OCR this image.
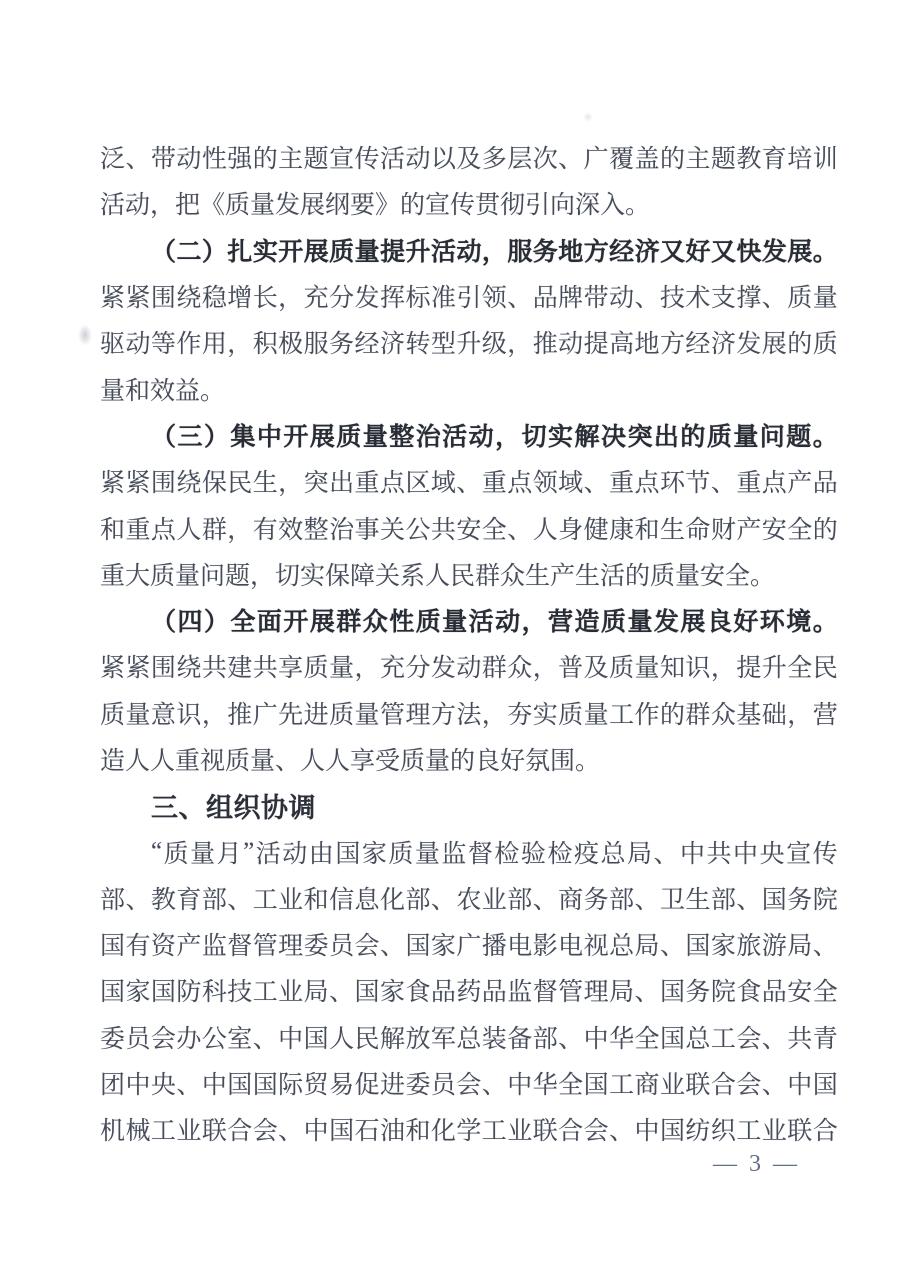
泛 、 带 动 性 强 的 主 题 宣 传 活 动 以 及 多 层 次 、 广 覆 盖 的 主 题 教 育 培 训
活动，把《质量发展纲要》的宣传贯彻引向深入。
（ 二 ） 扎 实 开 展 质 量 提 升 活 动 ， 服 务 地 方 经 济 又 好 又 快 发 展 。
紧 紧 围 绕 稳 增 长 ， 充 分 发 挥 标 准 引 领 、 品 牌 带 动 、 技 术 支 撑 、 质 量
驱 动 等 作 用 ， 积 极 服 务 经 济 转 型 升 级 ， 推 动 提 高 地 方 经 济 发 展 的 质
量和效益。
（ 三 ） 集 中 开 展 质 量 整 治 活 动 ， 切 实 解 决 突 出 的 质 量 问 题 。
紧 紧 围 绕 保 民 生 ， 突 出 重 点 区 域 、 重 点 领 域 、 重 点 环 节 、 重 点 产 品
和 重 点 人 群 ， 有 效 整 治 事 关 公 共 安 全 、 人 身 健 康 和 生 命 财 产 安 全 的
重大质量问题，切实保障关系人民群众生产生活的质量安全。
（ 四 ） 全 面 开 展 群 众 性 质 量 活 动 ， 营 造 质 量 发 展 良 好 环 境 。
紧 紧 围 绕 共 建 共 享 质 量 ， 充 分 发 动 群 众 ， 普 及 质 量 知 识 ， 提 升 全 民
质 量 意 识 ， 推 广 先 进 质 量 管 理 方 法 ， 夯 实 质 量 工 作 的 群 众 基 础 ， 营
造人人重视质量、人人享受质量的良好氛围。
三、组织协调
“ 质 量 月 ” 活 动 由 国 家 质 量 监 督 检 验 检 疫 总 局 、 中 共 中 央 宣 传
部 、 教 育 部 、 工 业 和 信 息 化 部 、 农 业 部 、 商 务 部 、 卫 生 部 、 国 务 院
国 有 资 产 监 督 管 理 委 员 会 、 国 家 广 播 电 影 电 视 总 局 、 国 家 旅 游 局 、
国 家 国 防 科 技 工 业 局 、 国 家 食 品 药 品 监 督 管 理 局 、 国 务 院 食 品 安 全
委 员 会 办 公 室 、 中 国 人 民 解 放 军 总 装 备 部 、 中 华 全 国 总 工 会 、 共 青
团 中 央 、 中 国 国 际 贸 易 促 进 委 员 会 、 中 华 全 国 工 商 业 联 合 会 、 中 国
机 械 工 业 联 合 会 、 中 国 石 油 和 化 学 工 业 联 合 会 、 中 国 纺 织 工 业 联 合
— 3 —
